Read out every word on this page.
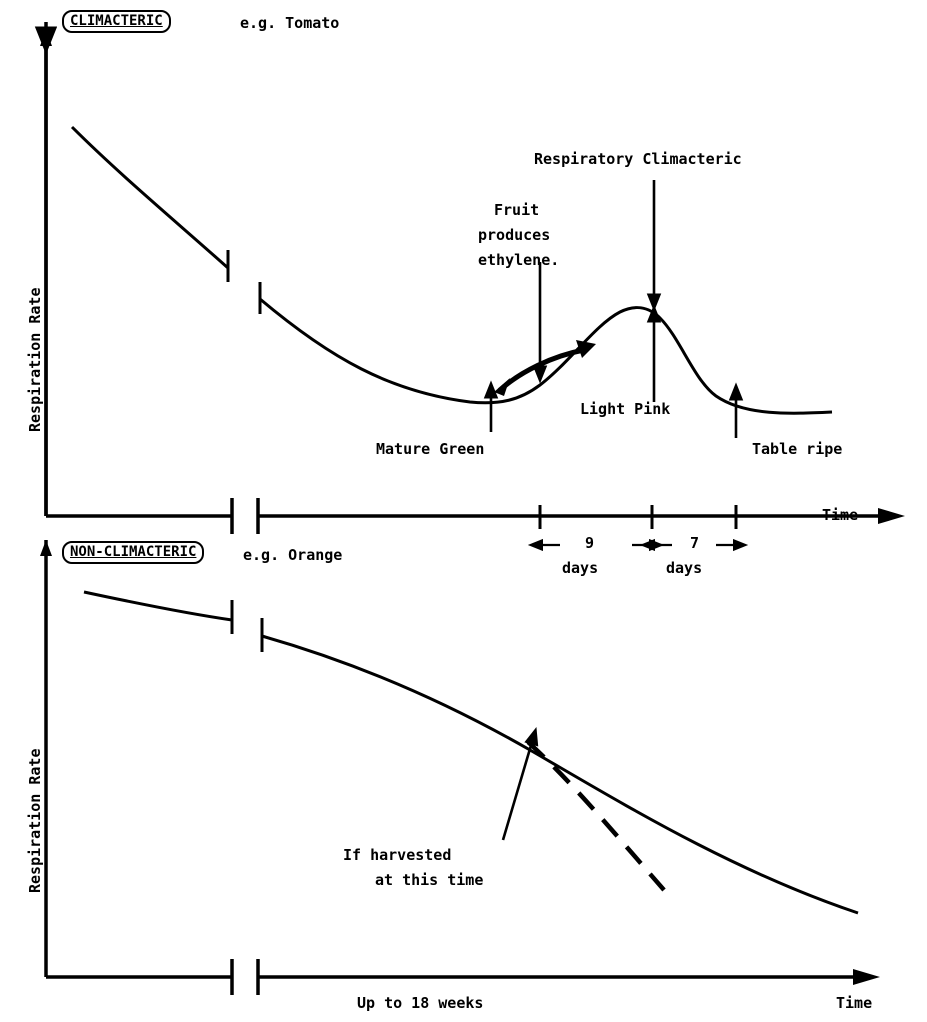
CLIMACTERIC	e.g. Tomato
Respiration Rate
Time
Respiratory Climacteric
Fruit
produces
ethylene.
Mature Green
Light Pink
Table ripe
9
days
7
days
NON-CLIMACTERIC	e.g. Orange
Respiration Rate
Time
If harvested
at this time
Up to 18 weeks
